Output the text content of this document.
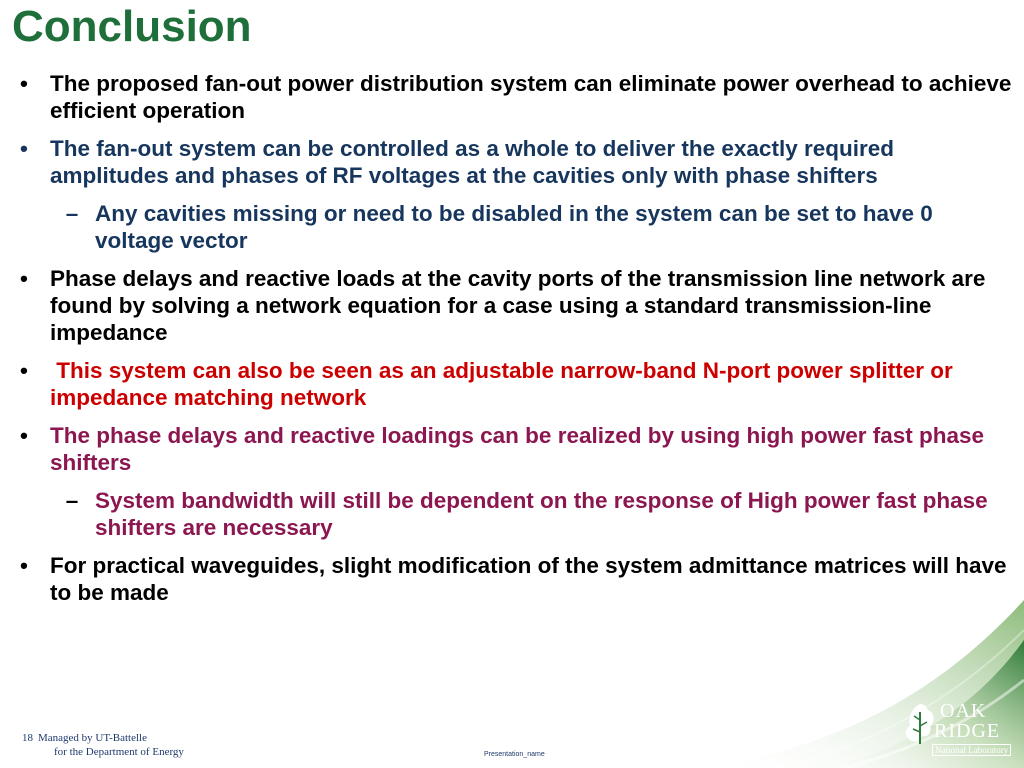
Conclusion
• The proposed fan-out power distribution system can eliminate power overhead to achieve efficient operation
• The fan-out system can be controlled as a whole to deliver the exactly required amplitudes and phases of RF voltages at the cavities only with phase shifters
– Any cavities missing or need to be disabled in the system can be set to have 0 voltage vector
• Phase delays and reactive loads at the cavity ports of the transmission line network are found by solving a network equation for a case using a standard transmission-line impedance
• This system can also be seen as an adjustable narrow-band N-port power splitter or impedance matching network
• The phase delays and reactive loadings can be realized by using high power fast phase shifters
– System bandwidth will still be dependent on the response of High power fast phase shifters are necessary
• For practical waveguides, slight modification of the system admittance matrices will have to be made
18 Managed by UT-Battelle
for the Department of Energy	Presentation_name
OAK
RIDGE
National Laboratory
